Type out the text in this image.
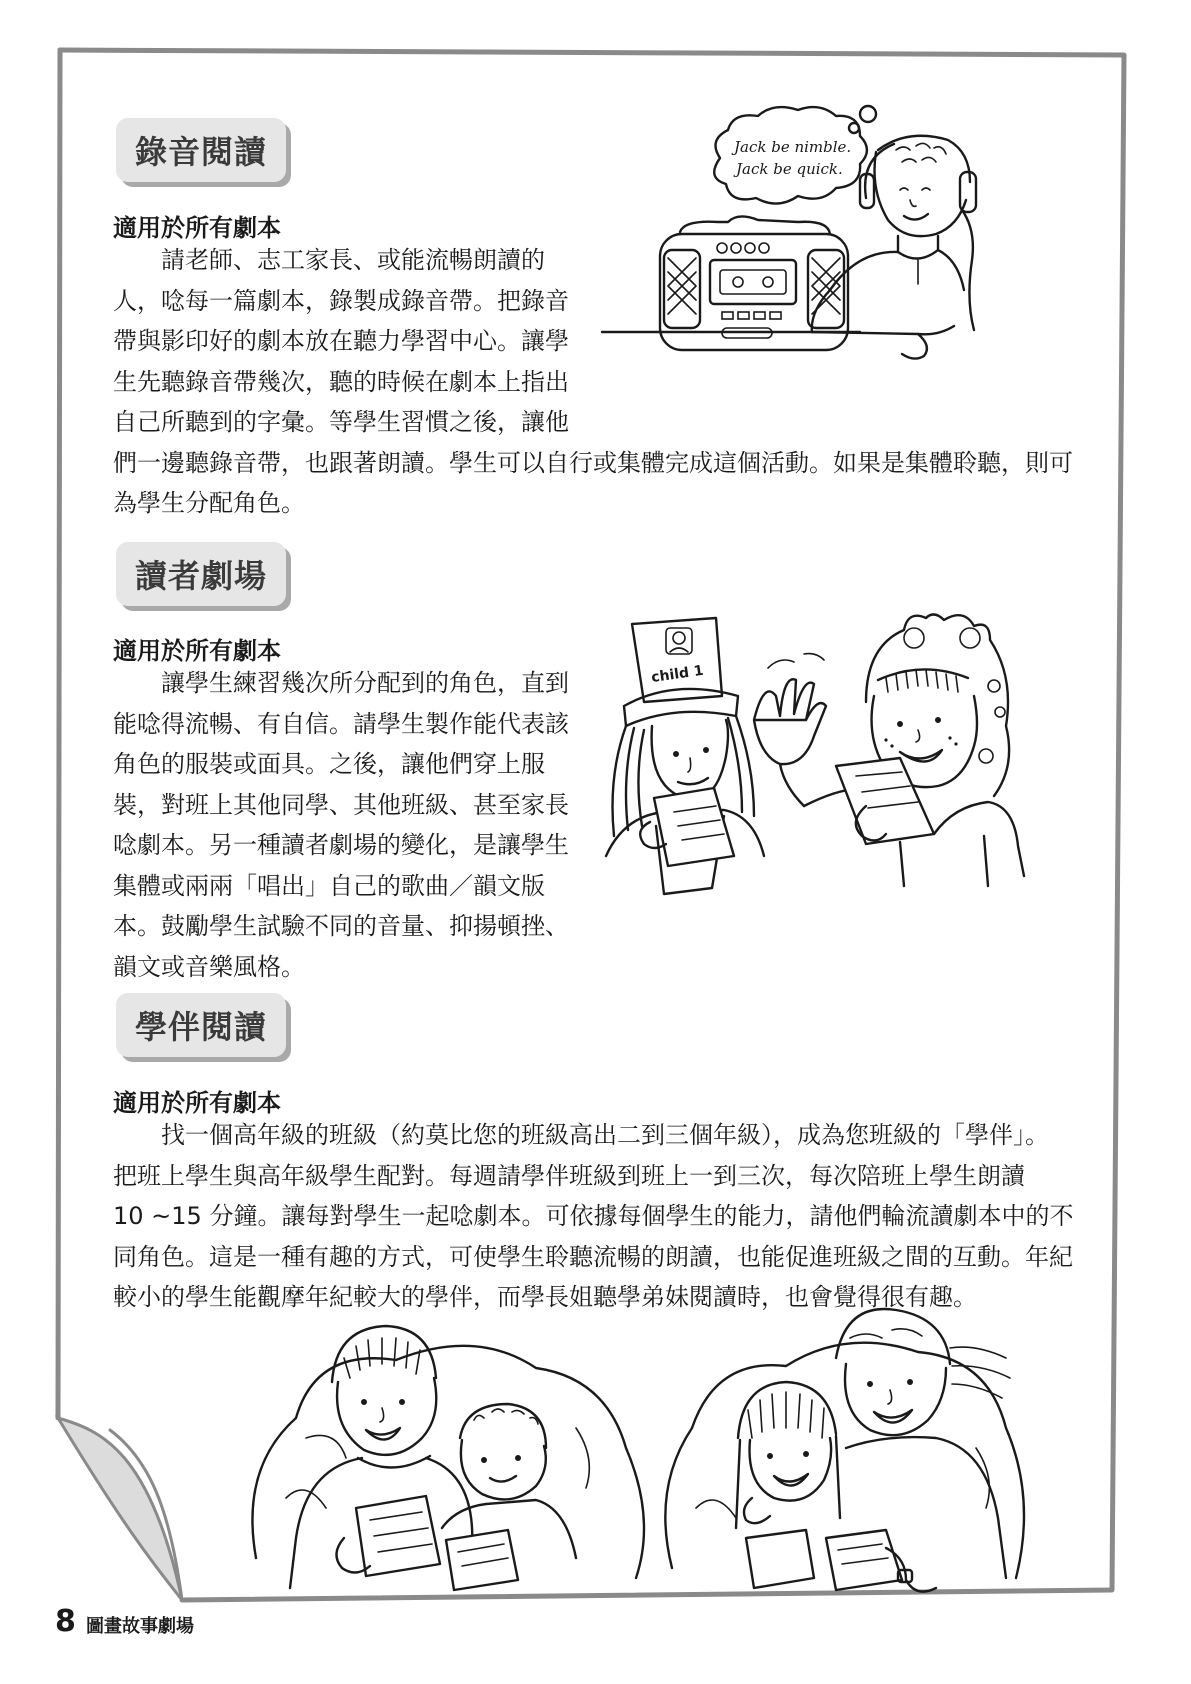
錄音閱讀
適用於所有劇本
　　請老師、志工家長、或能流暢朗讀的
人，唸每一篇劇本，錄製成錄音帶。把錄音
帶與影印好的劇本放在聽力學習中心。讓學
生先聽錄音帶幾次，聽的時候在劇本上指出
自己所聽到的字彙。等學生習慣之後，讓他
們一邊聽錄音帶，也跟著朗讀。學生可以自行或集體完成這個活動。如果是集體聆聽，則可
為學生分配角色。
Jack be nimble.
Jack be quick.
讀者劇場
適用於所有劇本
　　讓學生練習幾次所分配到的角色，直到
能唸得流暢、有自信。請學生製作能代表該
角色的服裝或面具。之後，讓他們穿上服
裝，對班上其他同學、其他班級、甚至家長
唸劇本。另一種讀者劇場的變化，是讓學生
集體或兩兩「唱出」自己的歌曲／韻文版
本。鼓勵學生試驗不同的音量、抑揚頓挫、
韻文或音樂風格。
child 1
學伴閱讀
適用於所有劇本
　　找一個高年級的班級（約莫比您的班級高出二到三個年級），成為您班級的「學伴」。
把班上學生與高年級學生配對。每週請學伴班級到班上一到三次，每次陪班上學生朗讀
10 ~15 分鐘。讓每對學生一起唸劇本。可依據每個學生的能力，請他們輪流讀劇本中的不
同角色。這是一種有趣的方式，可使學生聆聽流暢的朗讀，也能促進班級之間的互動。年紀
較小的學生能觀摩年紀較大的學伴，而學長姐聽學弟妹閱讀時，也會覺得很有趣。
8 圖畫故事劇場
